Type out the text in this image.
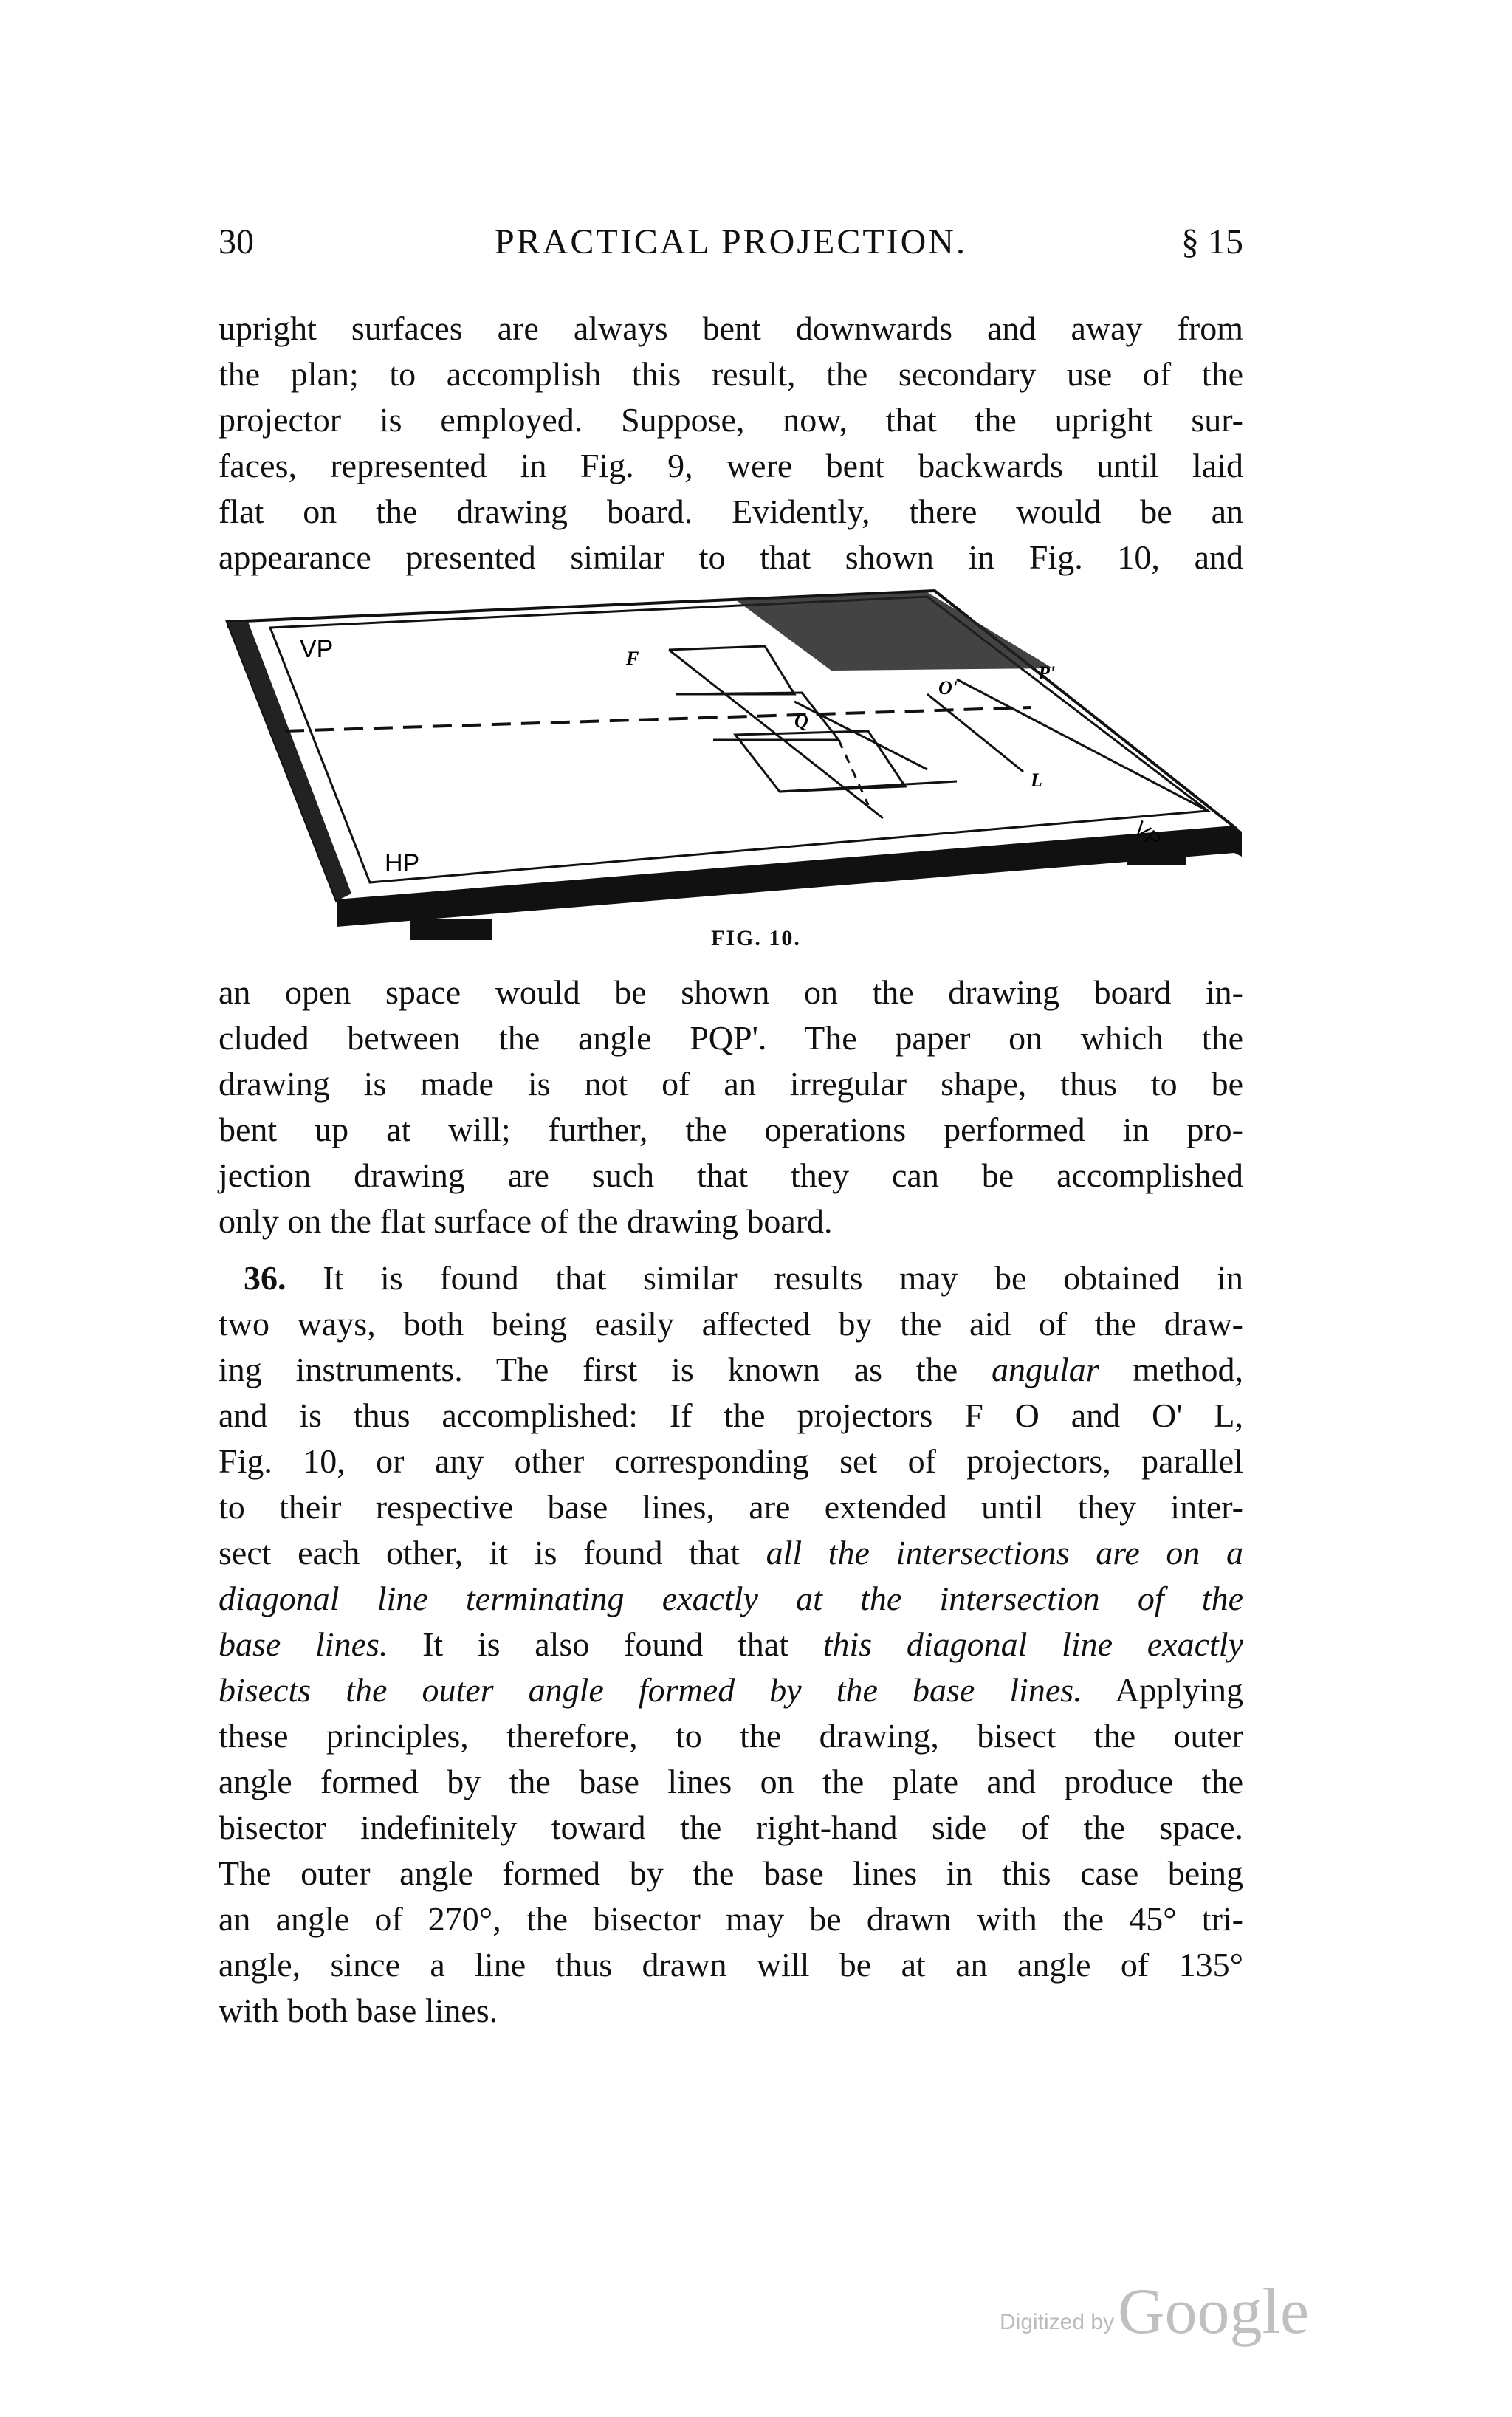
30	PRACTICAL PROJECTION.	§ 15
upright surfaces are always bent downwards and away from
the plan; to accomplish this result, the secondary use of the
projector is employed. Suppose, now, that the upright sur-
faces, represented in Fig. 9, were bent backwards until laid
flat on the drawing board. Evidently, there would be an
appearance presented similar to that shown in Fig. 10, and
VP
HP
VP
F
P
O
Q
O'
P'
L
FIG. 10.
an open space would be shown on the drawing board in-
cluded between the angle PQP'. The paper on which the
drawing is made is not of an irregular shape, thus to be
bent up at will; further, the operations performed in pro-
jection drawing are such that they can be accomplished
only on the flat surface of the drawing board.
36. It is found that similar results may be obtained in
two ways, both being easily affected by the aid of the draw-
ing instruments. The first is known as the angular method,
and is thus accomplished: If the projectors F O and O' L,
Fig. 10, or any other corresponding set of projectors, parallel
to their respective base lines, are extended until they inter-
sect each other, it is found that all the intersections are on a
diagonal line terminating exactly at the intersection of the
base lines. It is also found that this diagonal line exactly
bisects the outer angle formed by the base lines. Applying
these principles, therefore, to the drawing, bisect the outer
angle formed by the base lines on the plate and produce the
bisector indefinitely toward the right-hand side of the space.
The outer angle formed by the base lines in this case being
an angle of 270°, the bisector may be drawn with the 45° tri-
angle, since a line thus drawn will be at an angle of 135°
with both base lines.
Digitized by Google
